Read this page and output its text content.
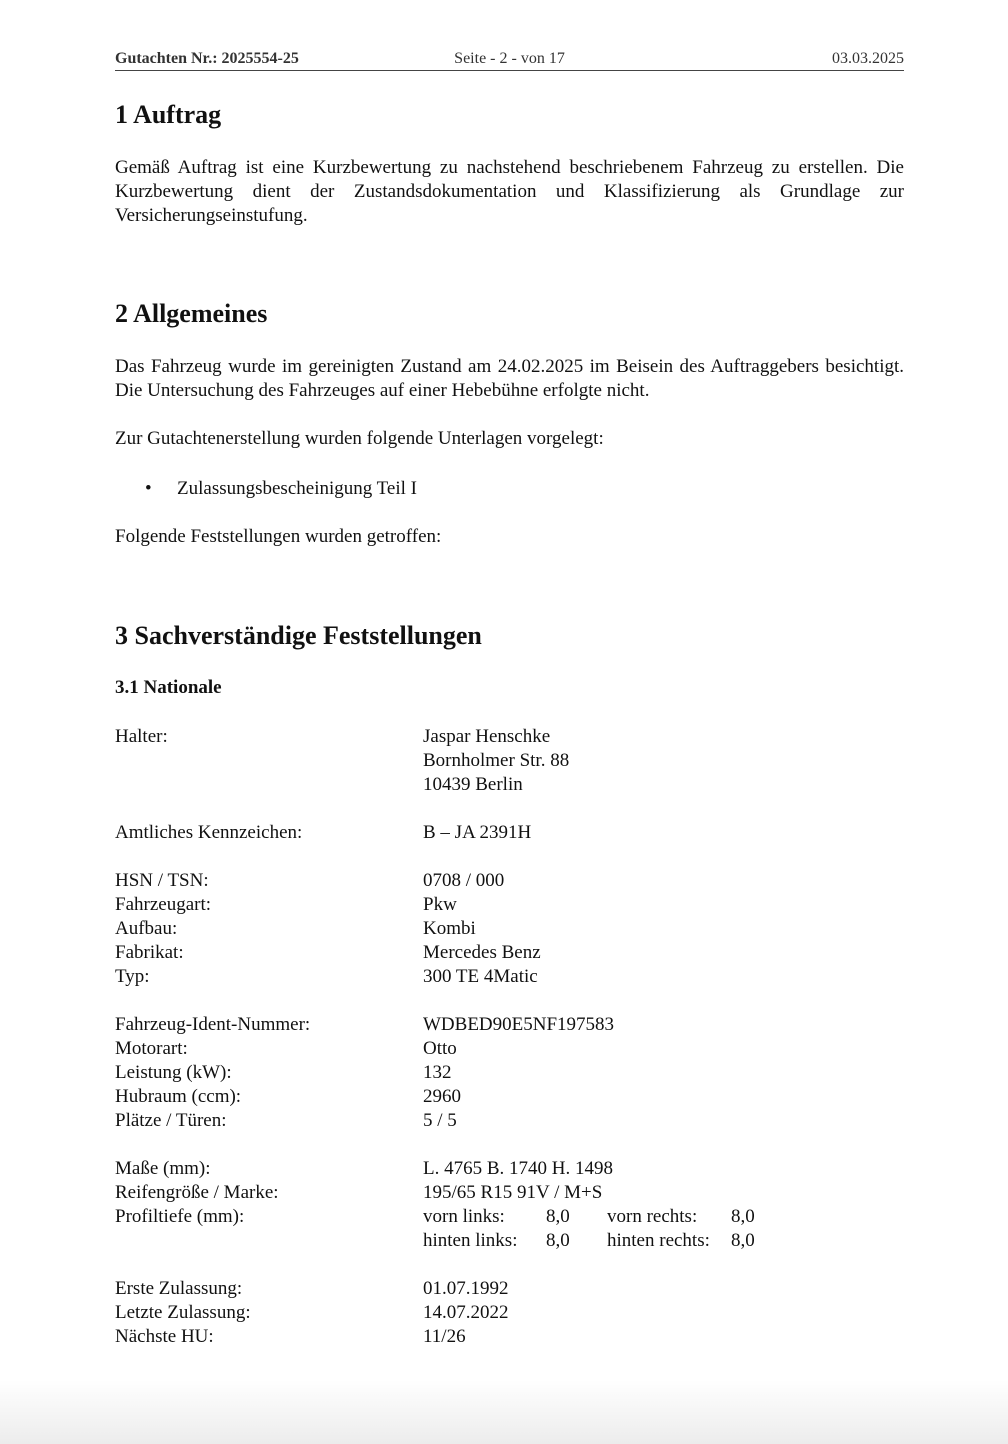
Gutachten Nr.: 2025554-25	Seite - 2 - von 17	03.03.2025
1 Auftrag

Gemäß Auftrag ist eine Kurzbewertung zu nachstehend beschriebenem Fahrzeug zu erstellen. Die Kurzbewertung dient der Zustandsdokumentation und Klassifizierung als Grundlage zur Versicherungseinstufung.

2 Allgemeines

Das Fahrzeug wurde im gereinigten Zustand am 24.02.2025 im Beisein des Auftraggebers besichtigt. Die Untersuchung des Fahrzeuges auf einer Hebebühne erfolgte nicht.

Zur Gutachtenerstellung wurden folgende Unterlagen vorgelegt:

• Zulassungsbescheinigung Teil I

Folgende Feststellungen wurden getroffen:

3 Sachverständige Feststellungen
3.1 Nationale
Halter:	Jaspar Henschke
Bornholmer Str. 88
10439 Berlin
Amtliches Kennzeichen:	B – JA 2391H
HSN / TSN:	0708 / 000
Fahrzeugart:	Pkw
Aufbau:	Kombi
Fabrikat:	Mercedes Benz
Typ:	300 TE 4Matic
Fahrzeug-Ident-Nummer:	WDBED90E5NF197583
Motorart:	Otto
Leistung (kW):	132
Hubraum (ccm):	2960
Plätze / Türen:	5 / 5
Maße (mm):	L. 4765 B. 1740 H. 1498
Reifengröße / Marke:	195/65 R15 91V / M+S
Profiltiefe (mm):	vorn links: 8,0 vorn rechts: 8,0
hinten links: 8,0 hinten rechts: 8,0
Erste Zulassung:	01.07.1992
Letzte Zulassung:	14.07.2022
Nächste HU:	11/26
